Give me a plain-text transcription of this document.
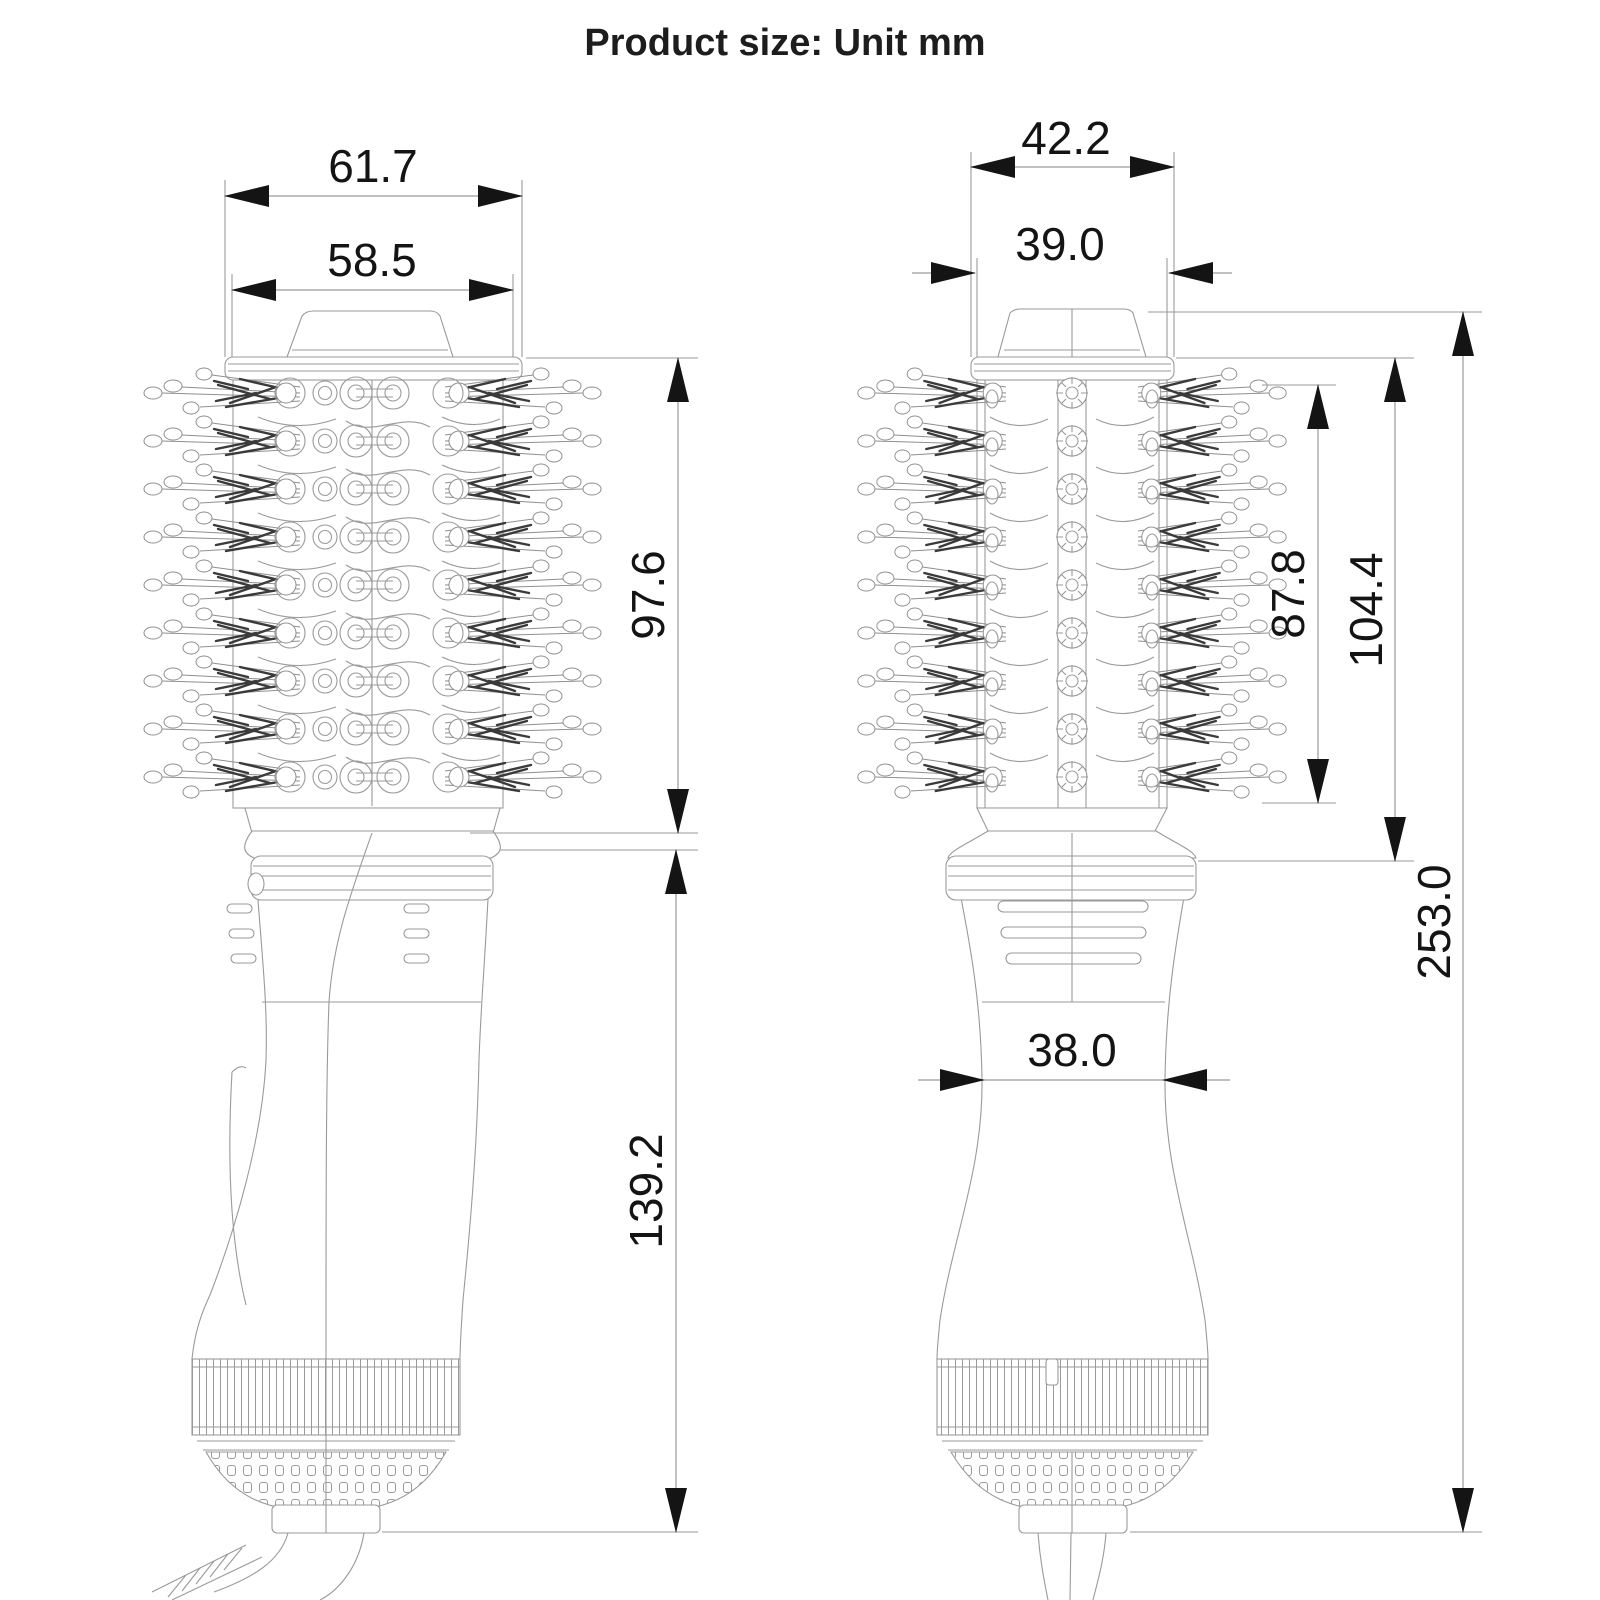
Product size: Unit mm
61.7
58.5
97.6
139.2
42.2
39.0
87.8 104.4
253.0
38.0
